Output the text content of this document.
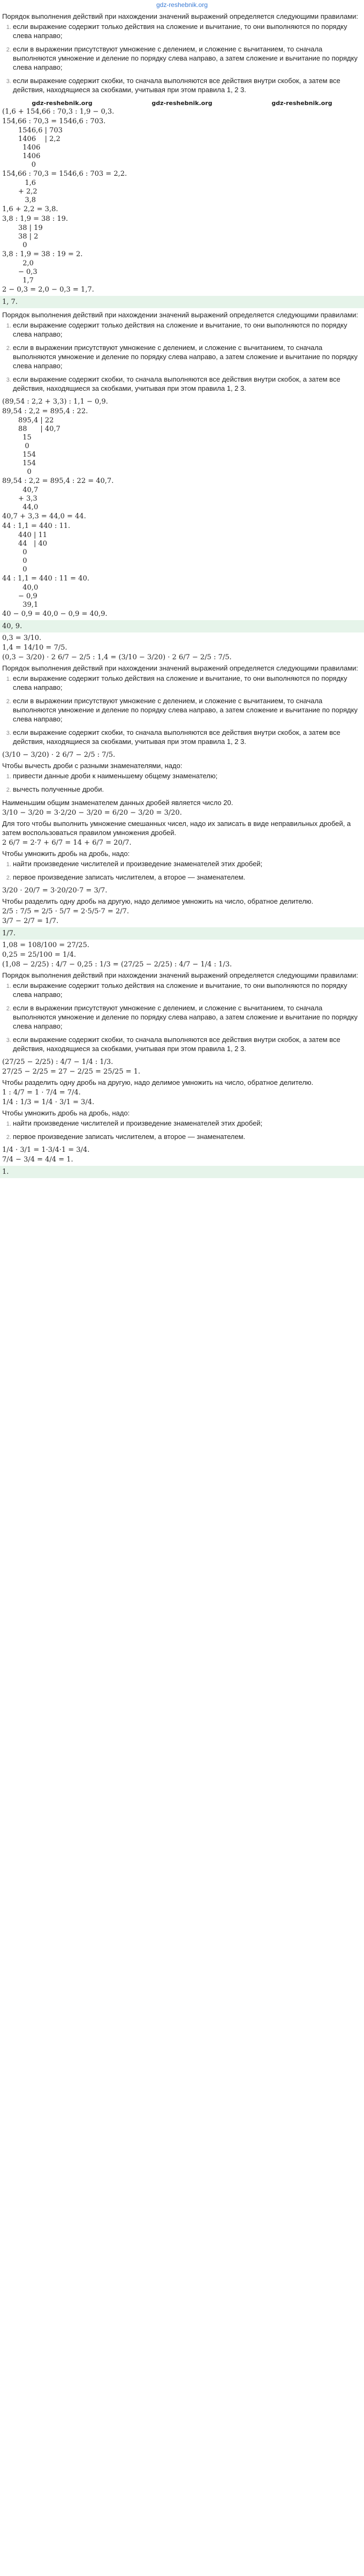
gdz-reshebnik.org
Порядок выполнения действий при нахождении значений выражений определяется следующими правилами:
1. если выражение содержит только действия на сложение и вычитание, то они выполняются по порядку слева направо;
2. если в выражении присутствуют умножение с делением, и сложение с вычитанием, то сначала выполняются умножение и деление по порядку слева направо, а затем сложение и вычитание по порядку слева направо;
3. если выражение содержит скобки, то сначала выполняются все действия внутри скобок, а затем все действия, находящиеся за скобками, учитывая при этом правила 1, 2 3.
gdz-reshebnik.org	gdz-reshebnik.org	gdz-reshebnik.org
(1,6 + 154,66 : 70,3 : 1,9 − 0,3.
154,66 : 70,3 = 1546,6 : 703.
1546,6 | 703
1406    | 2,2
1406
1406
0
154,66 : 70,3 = 1546,6 : 703 = 2,2.
1,6
+ 2,2
3,8
1,6 + 2,2 = 3,8.
3,8 : 1,9 = 38 : 19.
38 | 19
38 | 2
0
3,8 : 1,9 = 38 : 19 = 2.
2,0
− 0,3
1,7
2 − 0,3 = 2,0 − 0,3 = 1,7.
1, 7.
Порядок выполнения действий при нахождении значений выражений определяется следующими правилами:
1. если выражение содержит только действия на сложение и вычитание, то они выполняются по порядку слева направо;
2. если в выражении присутствуют умножение с делением, и сложение с вычитанием, то сначала выполняются умножение и деление по порядку слева направо, а затем сложение и вычитание по порядку слева направо;
3. если выражение содержит скобки, то сначала выполняются все действия внутри скобок, а затем все действия, находящиеся за скобками, учитывая при этом правила 1, 2 3.
(89,54 : 2,2 + 3,3) : 1,1 − 0,9.
89,54 : 2,2 = 895,4 : 22.
895,4 | 22
88      | 40,7
15
0
154
154
0
89,54 : 2,2 = 895,4 : 22 = 40,7.
40,7
+ 3,3
44,0
40,7 + 3,3 = 44,0 = 44.
44 : 1,1 = 440 : 11.
440 | 11
44   | 40
0
0
0
44 : 1,1 = 440 : 11 = 40.
40,0
− 0,9
39,1
40 − 0,9 = 40,0 − 0,9 = 40,9.
40, 9.
0,3 = 3/10.
1,4 = 14/10 = 7/5.
(0,3 − 3/20) · 2 6/7 − 2/5 : 1,4 = (3/10 − 3/20) · 2 6/7 − 2/5 : 7/5.
Порядок выполнения действий при нахождении значений выражений определяется следующими правилами:
1. если выражение содержит только действия на сложение и вычитание, то они выполняются по порядку слева направо;
2. если в выражении присутствуют умножение с делением, и сложение с вычитанием, то сначала выполняются умножение и деление по порядку слева направо, а затем сложение и вычитание по порядку слева направо;
3. если выражение содержит скобки, то сначала выполняются все действия внутри скобок, а затем все действия, находящиеся за скобками, учитывая при этом правила 1, 2 3.
(3/10 − 3/20) · 2 6/7 − 2/5 : 7/5.
Чтобы вычесть дроби с разными знаменателями, надо:
1. привести данные дроби к наименьшему общему знаменателю;
2. вычесть полученные дроби.
Наименьшим общим знаменателем данных дробей является число 20.
3/10 − 3/20 = 3·2/20 − 3/20 = 6/20 − 3/20 = 3/20.
Для того чтобы выполнить умножение смешанных чисел, надо их записать в виде неправильных дробей, а затем воспользоваться правилом умножения дробей.
2 6/7 = 2·7 + 6/7 = 14 + 6/7 = 20/7.
Чтобы умножить дробь на дробь, надо:
1. найти произведение числителей и произведение знаменателей этих дробей;
2. первое произведение записать числителем, а второе — знаменателем.
3/20 · 20/7 = 3·20/20·7 = 3/7.
Чтобы разделить одну дробь на другую, надо делимое умножить на число, обратное делителю.
2/5 : 7/5 = 2/5 · 5/7 = 2·5/5·7 = 2/7.
3/7 − 2/7 = 1/7.
1/7.
1,08 = 108/100 = 27/25.
0,25 = 25/100 = 1/4.
(1,08 − 2/25) : 4/7 − 0,25 : 1/3 = (27/25 − 2/25) : 4/7 − 1/4 : 1/3.
Порядок выполнения действий при нахождении значений выражений определяется следующими правилами:
1. если выражение содержит только действия на сложение и вычитание, то они выполняются по порядку слева направо;
2. если в выражении присутствуют умножение с делением, и сложение с вычитанием, то сначала выполняются умножение и деление по порядку слева направо, а затем сложение и вычитание по порядку слева направо;
3. если выражение содержит скобки, то сначала выполняются все действия внутри скобок, а затем все действия, находящиеся за скобками, учитывая при этом правила 1, 2 3.
(27/25 − 2/25) : 4/7 − 1/4 : 1/3.
27/25 − 2/25 = 27 − 2/25 = 25/25 = 1.
Чтобы разделить одну дробь на другую, надо делимое умножить на число, обратное делителю.
1 : 4/7 = 1 · 7/4 = 7/4.
1/4 : 1/3 = 1/4 · 3/1 = 3/4.
Чтобы умножить дробь на дробь, надо:
1. найти произведение числителей и произведение знаменателей этих дробей;
2. первое произведение записать числителем, а второе — знаменателем.
1/4 · 3/1 = 1·3/4·1 = 3/4.
7/4 − 3/4 = 4/4 = 1.
1.
